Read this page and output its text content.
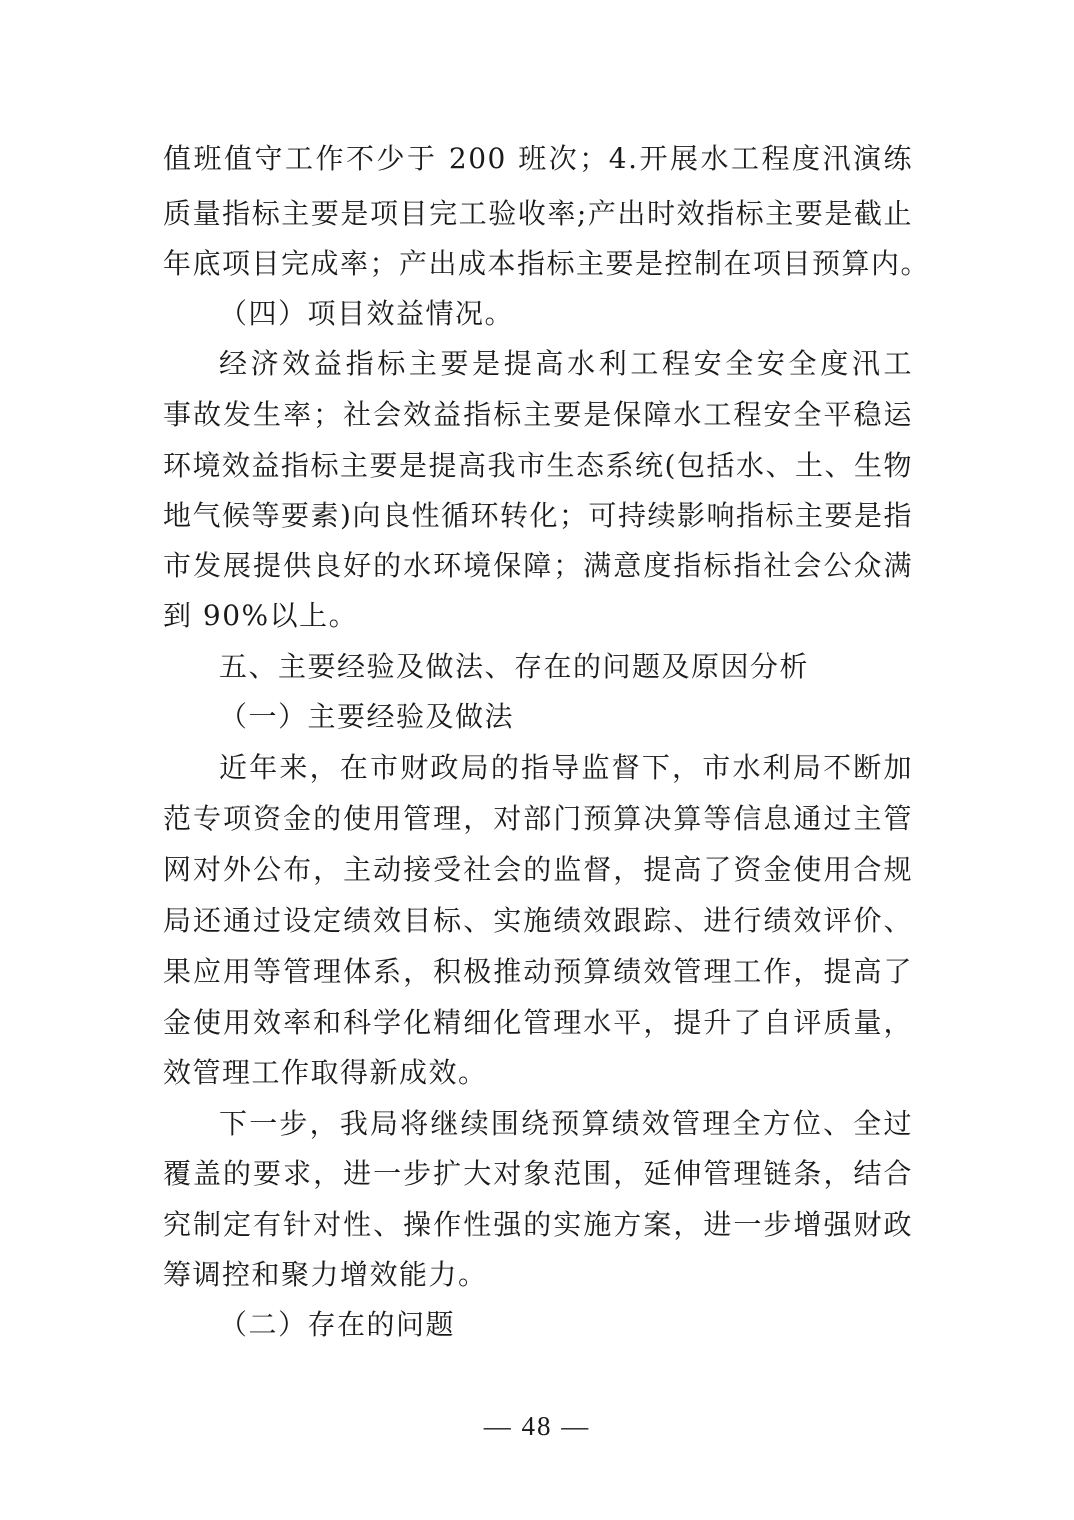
值班值守工作不少于 200 班次；4.开展水工程度汛演练
质量指标主要是项目完工验收率;产出时效指标主要是截止
年底项目完成率；产出成本指标主要是控制在项目预算内。
（四）项目效益情况。
经济效益指标主要是提高水利工程安全安全度汛工
事故发生率；社会效益指标主要是保障水工程安全平稳运
环境效益指标主要是提高我市生态系统(包括水、土、生物
地气候等要素)向良性循环转化；可持续影响指标主要是指
市发展提供良好的水环境保障；满意度指标指社会公众满
到 90%以上。
五、主要经验及做法、存在的问题及原因分析
（一）主要经验及做法
近年来，在市财政局的指导监督下，市水利局不断加
范专项资金的使用管理，对部门预算决算等信息通过主管
网对外公布，主动接受社会的监督，提高了资金使用合规
局还通过设定绩效目标、实施绩效跟踪、进行绩效评价、
果应用等管理体系，积极推动预算绩效管理工作，提高了
金使用效率和科学化精细化管理水平，提升了自评质量，
效管理工作取得新成效。
下一步，我局将继续围绕预算绩效管理全方位、全过
覆盖的要求，进一步扩大对象范围，延伸管理链条，结合
究制定有针对性、操作性强的实施方案，进一步增强财政
筹调控和聚力增效能力。
（二）存在的问题
— 48 —
